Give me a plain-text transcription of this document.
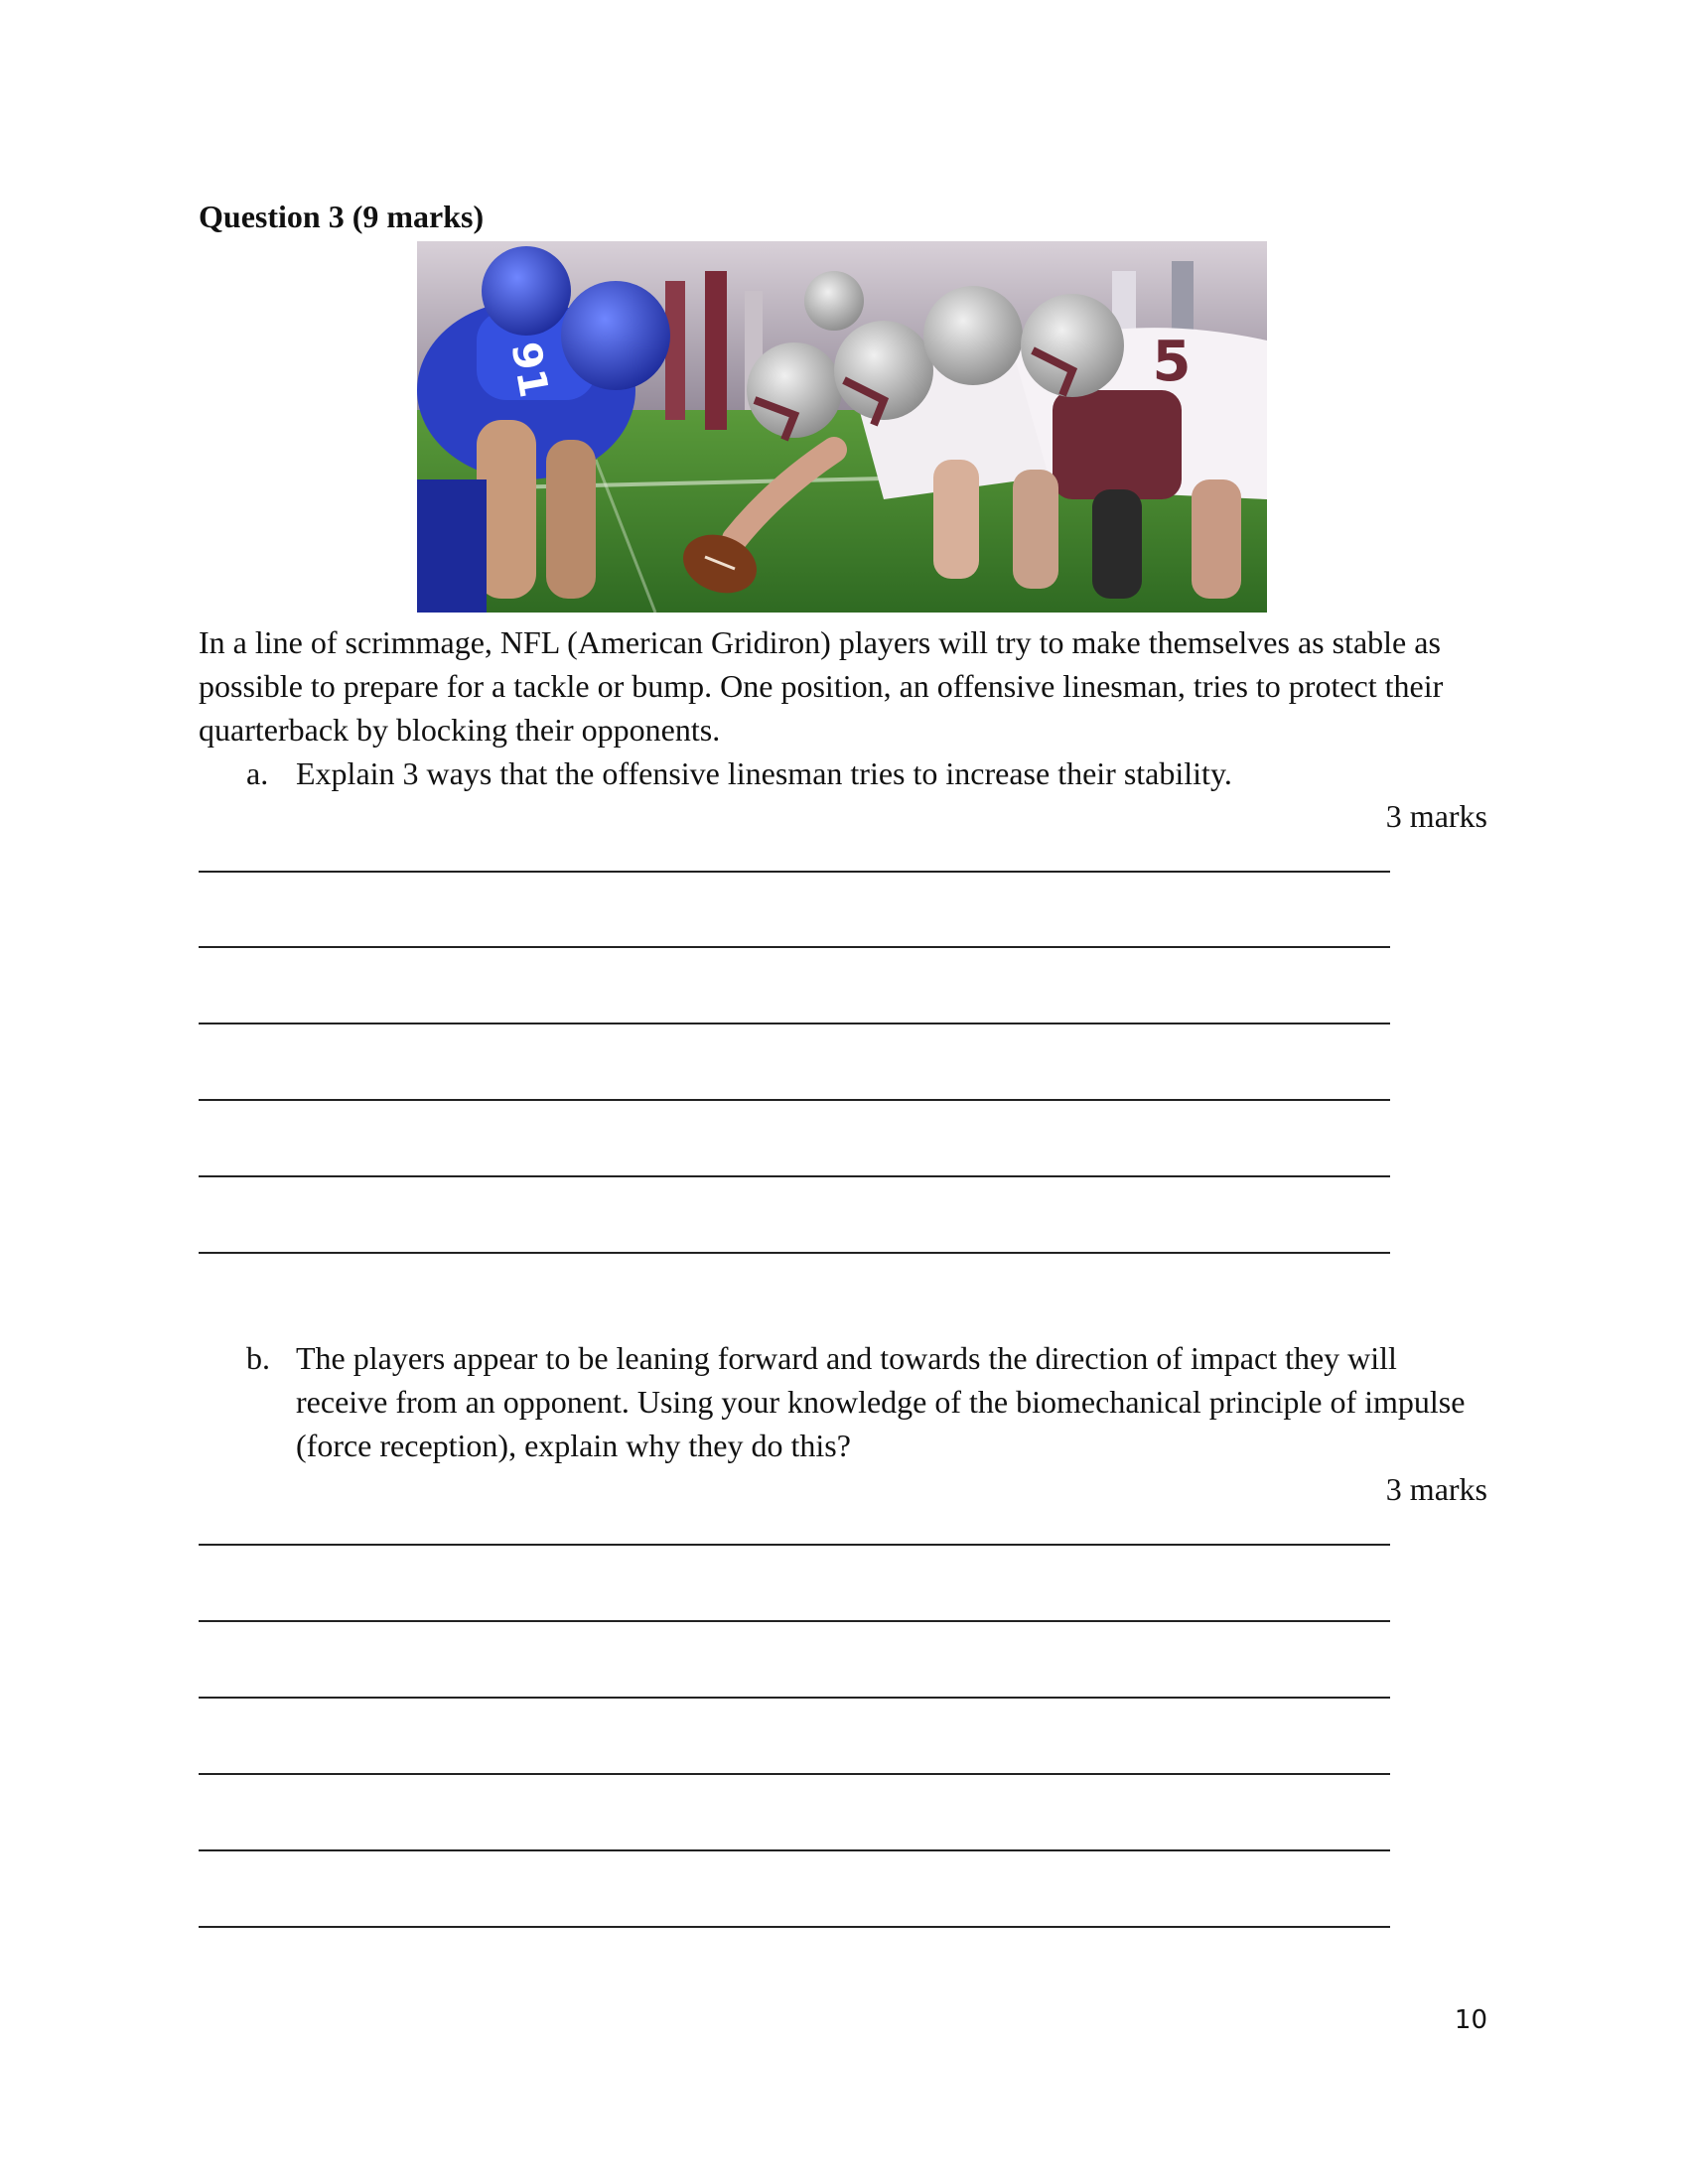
Question 3 (9 marks)
91	5
In a line of scrimmage, NFL (American Gridiron) players will try to make themselves as stable as possible to prepare for a tackle or bump. One position, an offensive linesman, tries to protect their quarterback by blocking their opponents.
a. Explain 3 ways that the offensive linesman tries to increase their stability.
3 marks
b. The players appear to be leaning forward and towards the direction of impact they will receive from an opponent. Using your knowledge of the biomechanical principle of impulse (force reception), explain why they do this?
3 marks
10
